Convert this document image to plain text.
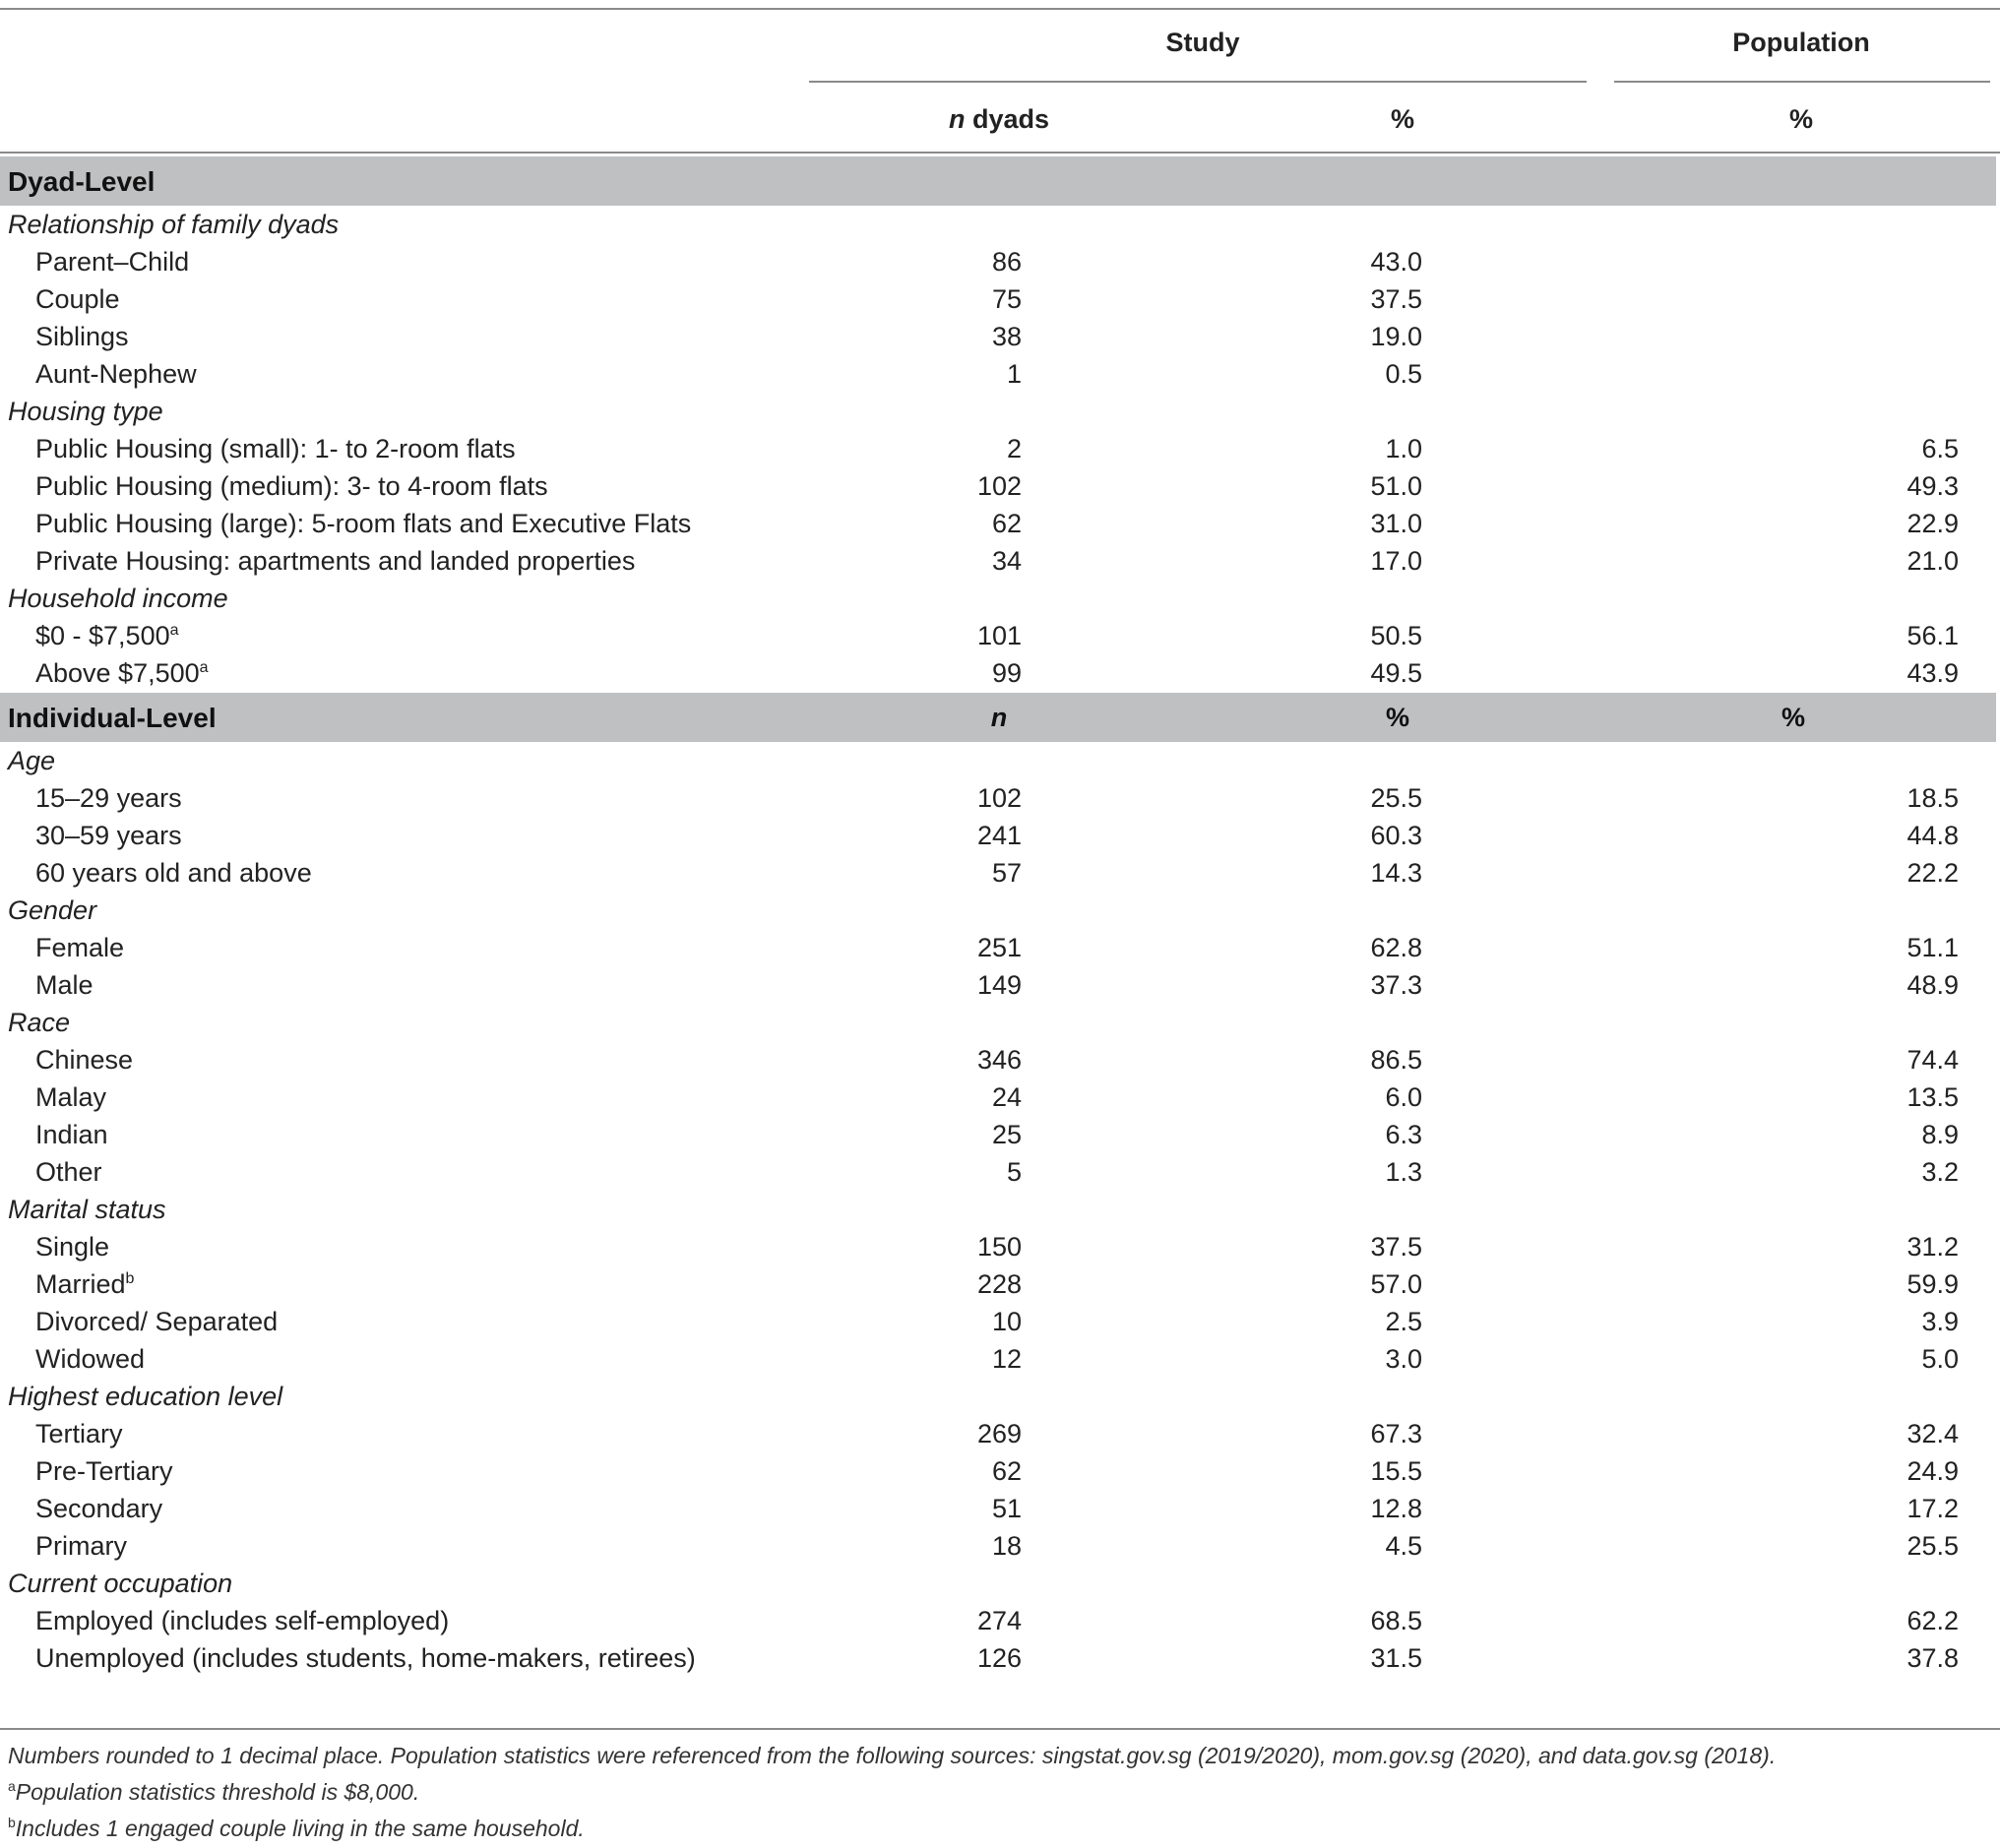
Study	Population
n dyads	%	%
Dyad-Level
Relationship of family dyads
Parent–Child	86	43.0
Couple	75	37.5
Siblings	38	19.0
Aunt-Nephew	1	0.5
Housing type
Public Housing (small): 1- to 2-room flats	2	1.0	6.5
Public Housing (medium): 3- to 4-room flats	102	51.0	49.3
Public Housing (large): 5-room flats and Executive Flats	62	31.0	22.9
Private Housing: apartments and landed properties	34	17.0	21.0
Household income
$0 - $7,500$^a$	101	50.5	56.1
Above $7,500$^a$	99	49.5	43.9
Individual-Level	n	%	%
Age
15–29 years	102	25.5	18.5
30–59 years	241	60.3	44.8
60 years old and above	57	14.3	22.2
Gender
Female	251	62.8	51.1
Male	149	37.3	48.9
Race
Chinese	346	86.5	74.4
Malay	24	6.0	13.5
Indian	25	6.3	8.9
Other	5	1.3	3.2
Marital status
Single	150	37.5	31.2
Married$^b$	228	57.0	59.9
Divorced/ Separated	10	2.5	3.9
Widowed	12	3.0	5.0
Highest education level
Tertiary	269	67.3	32.4
Pre-Tertiary	62	15.5	24.9
Secondary	51	12.8	17.2
Primary	18	4.5	25.5
Current occupation
Employed (includes self-employed)	274	68.5	62.2
Unemployed (includes students, home-makers, retirees)	126	31.5	37.8
Numbers rounded to 1 decimal place. Population statistics were referenced from the following sources: singstat.gov.sg (2019/2020), mom.gov.sg (2020), and data.gov.sg (2018).
$^a$Population statistics threshold is $8,000.
$^b$Includes 1 engaged couple living in the same household.
